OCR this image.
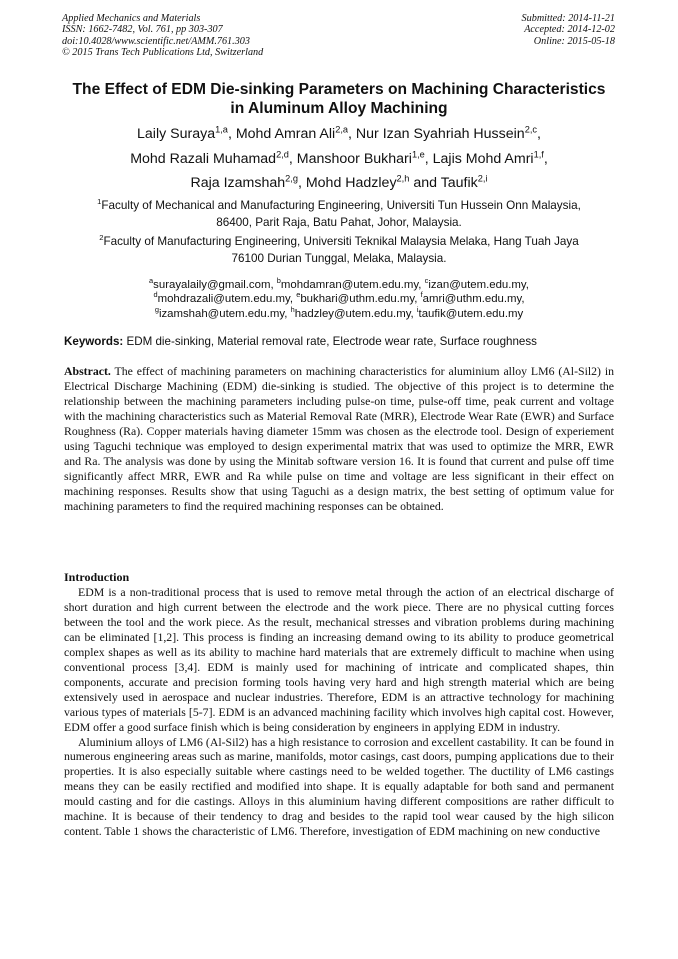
Applied Mechanics and Materials
ISSN: 1662-7482, Vol. 761, pp 303-307
doi:10.4028/www.scientific.net/AMM.761.303
© 2015 Trans Tech Publications Ltd, Switzerland
Submitted: 2014-11-21
Accepted: 2014-12-02
Online: 2015-05-18
The Effect of EDM Die-sinking Parameters on Machining Characteristics
in Aluminum Alloy Machining
Laily Suraya$^{1,a}$, Mohd Amran Ali$^{2,a}$, Nur Izan Syahriah Hussein$^{2,c}$,
Mohd Razali Muhamad$^{2,d}$, Manshoor Bukhari$^{1,e}$, Lajis Mohd Amri$^{1,f}$,
Raja Izamshah$^{2,g}$, Mohd Hadzley$^{2,h}$ and Taufik$^{2,i}$
$^1$Faculty of Mechanical and Manufacturing Engineering, Universiti Tun Hussein Onn Malaysia,
86400, Parit Raja, Batu Pahat, Johor, Malaysia.
$^2$Faculty of Manufacturing Engineering, Universiti Teknikal Malaysia Melaka, Hang Tuah Jaya
76100 Durian Tunggal, Melaka, Malaysia.
$^a$surayalaily@gmail.com, $^b$mohdamran@utem.edu.my, $^c$izan@utem.edu.my,
$^d$mohdrazali@utem.edu.my, $^e$bukhari@uthm.edu.my, $^f$amri@uthm.edu.my,
$^g$izamshah@utem.edu.my, $^h$hadzley@utem.edu.my, $^i$taufik@utem.edu.my
Keywords: EDM die-sinking, Material removal rate, Electrode wear rate, Surface roughness

Abstract. The effect of machining parameters on machining characteristics for aluminium alloy LM6 (Al-Sil2) in Electrical Discharge Machining (EDM) die-sinking is studied. The objective of this project is to determine the relationship between the machining parameters including pulse-on time, pulse-off time, peak current and voltage with the machining characteristics such as Material Removal Rate (MRR), Electrode Wear Rate (EWR) and Surface Roughness (Ra). Copper materials having diameter 15mm was chosen as the electrode tool. Design of experiement using Taguchi technique was employed to design experimental matrix that was used to optimize the MRR, EWR and Ra. The analysis was done by using the Minitab software version 16. It is found that current and pulse off time significantly affect MRR, EWR and Ra while pulse on time and voltage are less significant in their effect on machining responses. Results show that using Taguchi as a design matrix, the best setting of optimum value for machining parameters to find the required machining responses can be obtained.

Introduction

EDM is a non-traditional process that is used to remove metal through the action of an electrical discharge of short duration and high current between the electrode and the work piece. There are no physical cutting forces between the tool and the work piece. As the result, mechanical stresses and vibration problems during machining can be eliminated [1,2]. This process is finding an increasing demand owing to its ability to produce geometrical complex shapes as well as its ability to machine hard materials that are extremely difficult to machine when using conventional process [3,4]. EDM is mainly used for machining of intricate and complicated shapes, thin components, accurate and precision forming tools having very hard and high strength material which are being extensively used in aerospace and nuclear industries. Therefore, EDM is an attractive technology for machining various types of materials [5-7]. EDM is an advanced machining facility which involves high capital cost. However, EDM offer a good surface finish which is being consideration by engineers in applying EDM in industry.

Aluminium alloys of LM6 (Al-Sil2) has a high resistance to corrosion and excellent castability. It can be found in numerous engineering areas such as marine, manifolds, motor casings, cast doors, pumping applications due to their properties. It is also especially suitable where castings need to be welded together. The ductility of LM6 castings means they can be easily rectified and modified into shape. It is equally adaptable for both sand and permanent mould casting and for die castings. Alloys in this aluminium having different compositions are rather difficult to machine. It is because of their tendency to drag and besides to the rapid tool wear caused by the high silicon content. Table 1 shows the characteristic of LM6. Therefore, investigation of EDM machining on new conductive
